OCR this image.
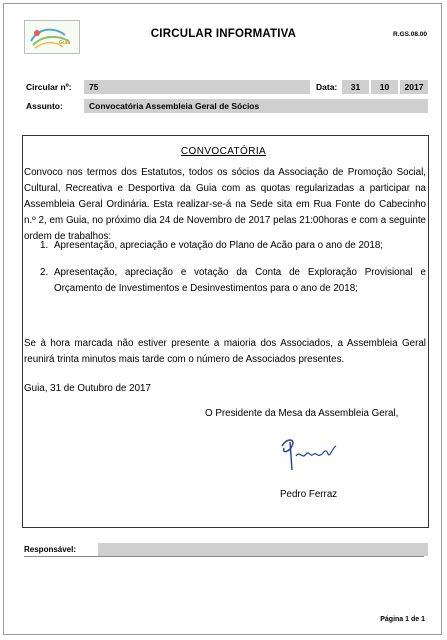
Guia
CIRCULAR INFORMATIVA	R.GS.08.00
Circular nº:	75	Data:	31	10	2017
Assunto:	Convocatória Assembleia Geral de Sócios
CONVOCATÓRIA
Convoco nos termos dos Estatutos, todos os sócios da Associação de Promoção Social, Cultural, Recreativa e Desportiva da Guia com as quotas regularizadas a participar na Assembleia Geral Ordinária. Esta realizar-se-á na Sede sita em Rua Fonte do Cabecinho n.º 2, em Guia, no próximo dia 24 de Novembro de 2017 pelas 21:00horas e com a seguinte ordem de trabalhos:
1. Apresentação, apreciação e votação do Plano de Acão para o ano de 2018;
2. Apresentação, apreciação e votação da Conta de Exploração Provisional e Orçamento de Investimentos e Desinvestimentos para o ano de 2018;
Se à hora marcada não estiver presente a maioria dos Associados, a Assembleia Geral reunirá trinta minutos mais tarde com o número de Associados presentes.
Guia, 31 de Outubro de 2017
O Presidente da Mesa da Assembleia Geral,
Pedro Ferraz
Responsável:
Página 1 de 1
